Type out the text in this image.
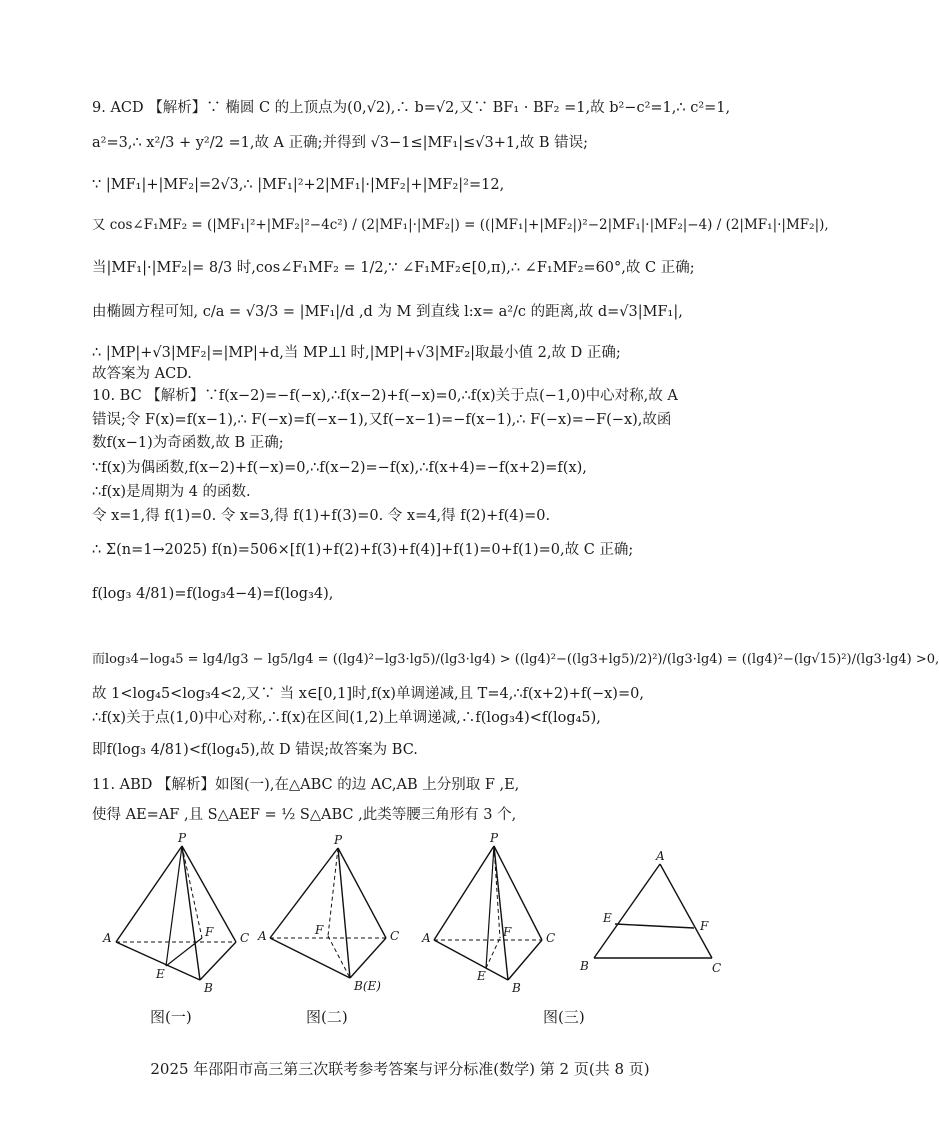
9. ACD 【解析】∵ 椭圆 C 的上顶点为(0,√2),∴ b=√2,又∵ BF₁ · BF₂ =1,故 b²−c²=1,∴ c²=1,
a²=3,∴ x²/3 + y²/2 =1,故 A 正确;并得到 √3−1≤|MF₁|≤√3+1,故 B 错误;
∵ |MF₁|+|MF₂|=2√3,∴ |MF₁|²+2|MF₁|·|MF₂|+|MF₂|²=12,
又 cos∠F₁MF₂ = (|MF₁|²+|MF₂|²−4c²) / (2|MF₁|·|MF₂|) = ((|MF₁|+|MF₂|)²−2|MF₁|·|MF₂|−4) / (2|MF₁|·|MF₂|),
当|MF₁|·|MF₂|= 8/3 时,cos∠F₁MF₂ = 1/2,∵ ∠F₁MF₂∈[0,π),∴ ∠F₁MF₂=60°,故 C 正确;
由椭圆方程可知, c/a = √3/3 = |MF₁|/d ,d 为 M 到直线 l:x= a²/c 的距离,故 d=√3|MF₁|,
∴ |MP|+√3|MF₂|=|MP|+d,当 MP⊥l 时,|MP|+√3|MF₂|取最小值 2,故 D 正确;
故答案为 ACD.
10. BC 【解析】∵f(x−2)=−f(−x),∴f(x−2)+f(−x)=0,∴f(x)关于点(−1,0)中心对称,故 A
错误;令 F(x)=f(x−1),∴ F(−x)=f(−x−1),又f(−x−1)=−f(x−1),∴ F(−x)=−F(−x),故函
数f(x−1)为奇函数,故 B 正确;
∵f(x)为偶函数,f(x−2)+f(−x)=0,∴f(x−2)=−f(x),∴f(x+4)=−f(x+2)=f(x),
∴f(x)是周期为 4 的函数.
令 x=1,得 f(1)=0. 令 x=3,得 f(1)+f(3)=0. 令 x=4,得 f(2)+f(4)=0.
∴ Σ(n=1→2025) f(n)=506×[f(1)+f(2)+f(3)+f(4)]+f(1)=0+f(1)=0,故 C 正确;
f(log₃ 4/81)=f(log₃4−4)=f(log₃4),
而log₃4−log₄5 = lg4/lg3 − lg5/lg4 = ((lg4)²−lg3·lg5)/(lg3·lg4) > ((lg4)²−((lg3+lg5)/2)²)/(lg3·lg4) = ((lg4)²−(lg√15)²)/(lg3·lg4) >0,
故 1<log₄5<log₃4<2,又∵ 当 x∈[0,1]时,f(x)单调递减,且 T=4,∴f(x+2)+f(−x)=0,
∴f(x)关于点(1,0)中心对称,∴f(x)在区间(1,2)上单调递减,∴f(log₃4)<f(log₄5),
即f(log₃ 4/81)<f(log₄5),故 D 错误;故答案为 BC.
11. ABD 【解析】如图(一),在△ABC 的边 AC,AB 上分别取 F ,E,
使得 AE=AF ,且 S△AEF = ½ S△ABC ,此类等腰三角形有 3 个,
P
A	C
F
E
B
P
A	C
F
B(E)
P
A	C
F
E
B
A
E
F
B	C
图(一)	图(二)	图(三)
2025 年邵阳市高三第三次联考参考答案与评分标准(数学) 第 2 页(共 8 页)
